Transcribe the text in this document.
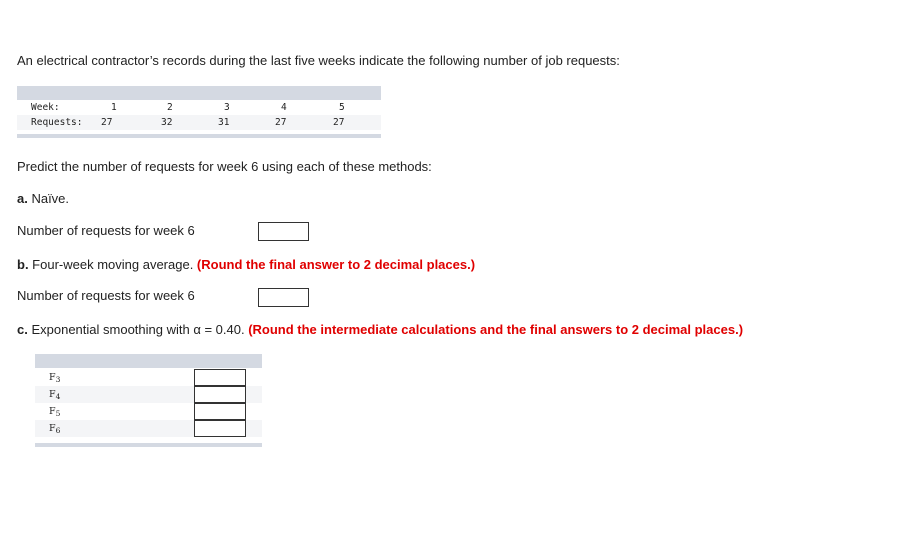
An electrical contractor’s records during the last five weeks indicate the following number of job requests:
Week:	1	2	3	4	5
Requests: 27	32	31	27	27
Predict the number of requests for week 6 using each of these methods:
a. Naïve.
Number of requests for week 6
b. Four-week moving average. (Round the final answer to 2 decimal places.)
Number of requests for week 6
c. Exponential smoothing with α = 0.40. (Round the intermediate calculations and the final answers to 2 decimal places.)
$F_3$
$F_4$
$F_5$
$F_6$
